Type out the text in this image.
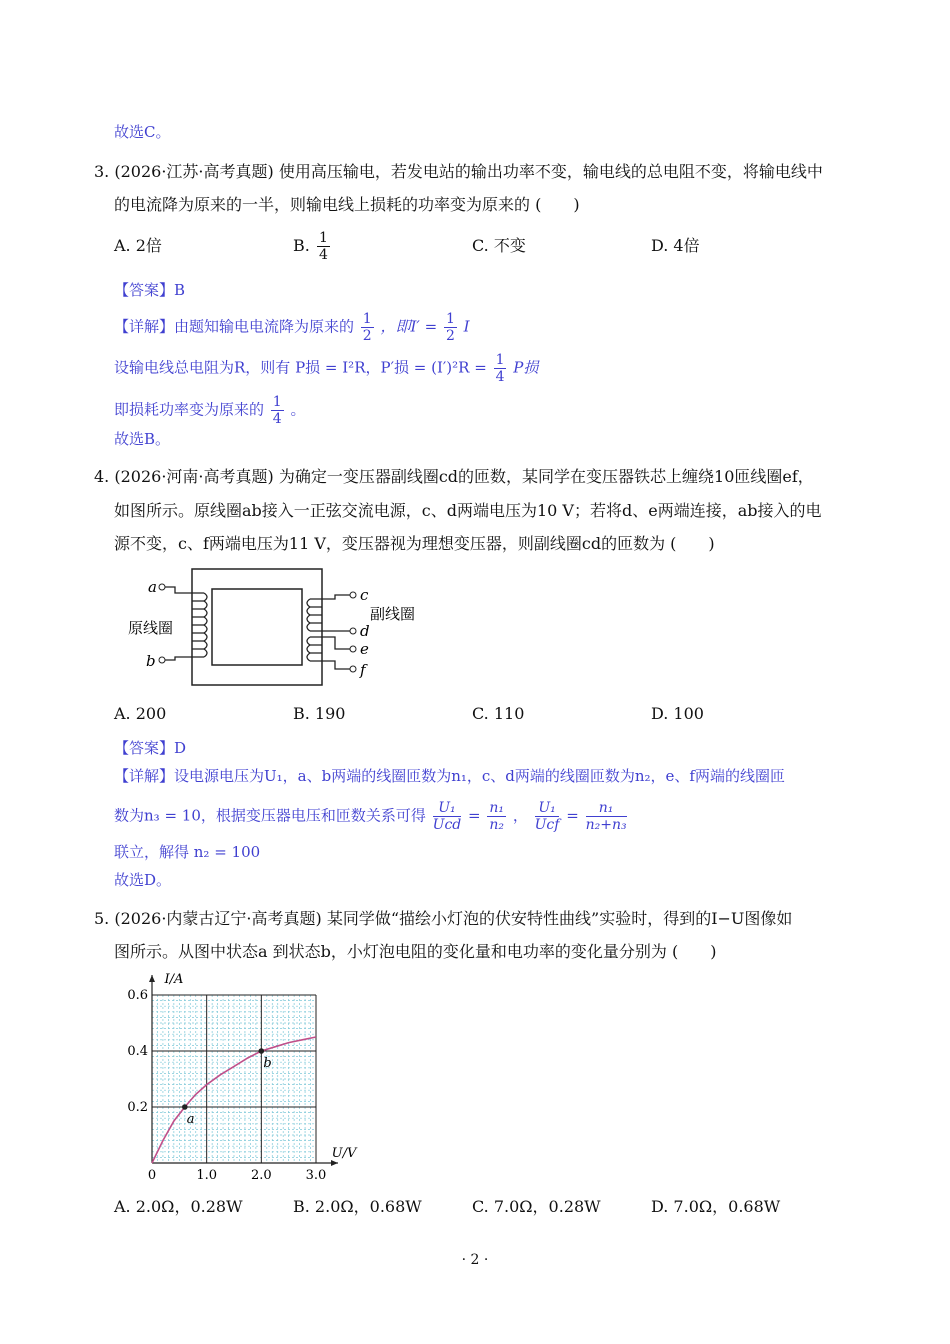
故选C。
3. (2026·江苏·高考真题) 使用高压输电，若发电站的输出功率不变，输电线的总电阻不变，将输电线中
的电流降为原来的一半，则输电线上损耗的功率变为原来的 (　　)
A. 2倍	B. $\frac{1}{4}$	C. 不变	D. 4倍
【答案】B
【详解】由题知输电电流降为原来的 $\frac{1}{2}$ ，即$I' = \frac{1}{2}$ I
设输电线总电阻为R，则有 P损 = I²R，P′损 = $(I')^2R = \frac{1}{4}$ P损
即损耗功率变为原来的 $\frac{1}{4}$ 。
故选B。
4. (2026·河南·高考真题) 为确定一变压器副线圈cd的匝数，某同学在变压器铁芯上缠绕10匝线圈ef，
如图所示。原线圈ab接入一正弦交流电源，c、d两端电压为10 V；若将d、e两端连接，ab接入的电
源不变，c、f两端电压为11 V，变压器视为理想变压器，则副线圈cd的匝数为 (　　)
a
b
原线圈
c
d
e
f
副线圈
A. 200	B. 190	C. 110	D. 100
【答案】D
【详解】设电源电压为U₁，a、b两端的线圈匝数为n₁，c、d两端的线圈匝数为n₂，e、f两端的线圈匝
数为n₃ = 10，根据变压器电压和匝数关系可得 $\frac{\text{U₁}}{\text{Ucd}} = \frac{\text{n₁}}{\text{n₂}}$ ， $\frac{\text{U₁}}{\text{Ucf}} = \frac{\text{n₁}}{\text{n₂+n₃}}$
联立，解得 n₂ = 100
故选D。
5. (2026·内蒙古辽宁·高考真题) 某同学做“描绘小灯泡的伏安特性曲线”实验时，得到的I−U图像如
图所示。从图中状态a 到状态b，小灯泡电阻的变化量和电功率的变化量分别为 (　　)
1.0	2.0	3.0
0.2
0.4
0.6
0
U/V
I/A
a
b
A. 2.0Ω，0.28W	B. 2.0Ω，0.68W	C. 7.0Ω，0.28W	D. 7.0Ω，0.68W
· 2 ·
